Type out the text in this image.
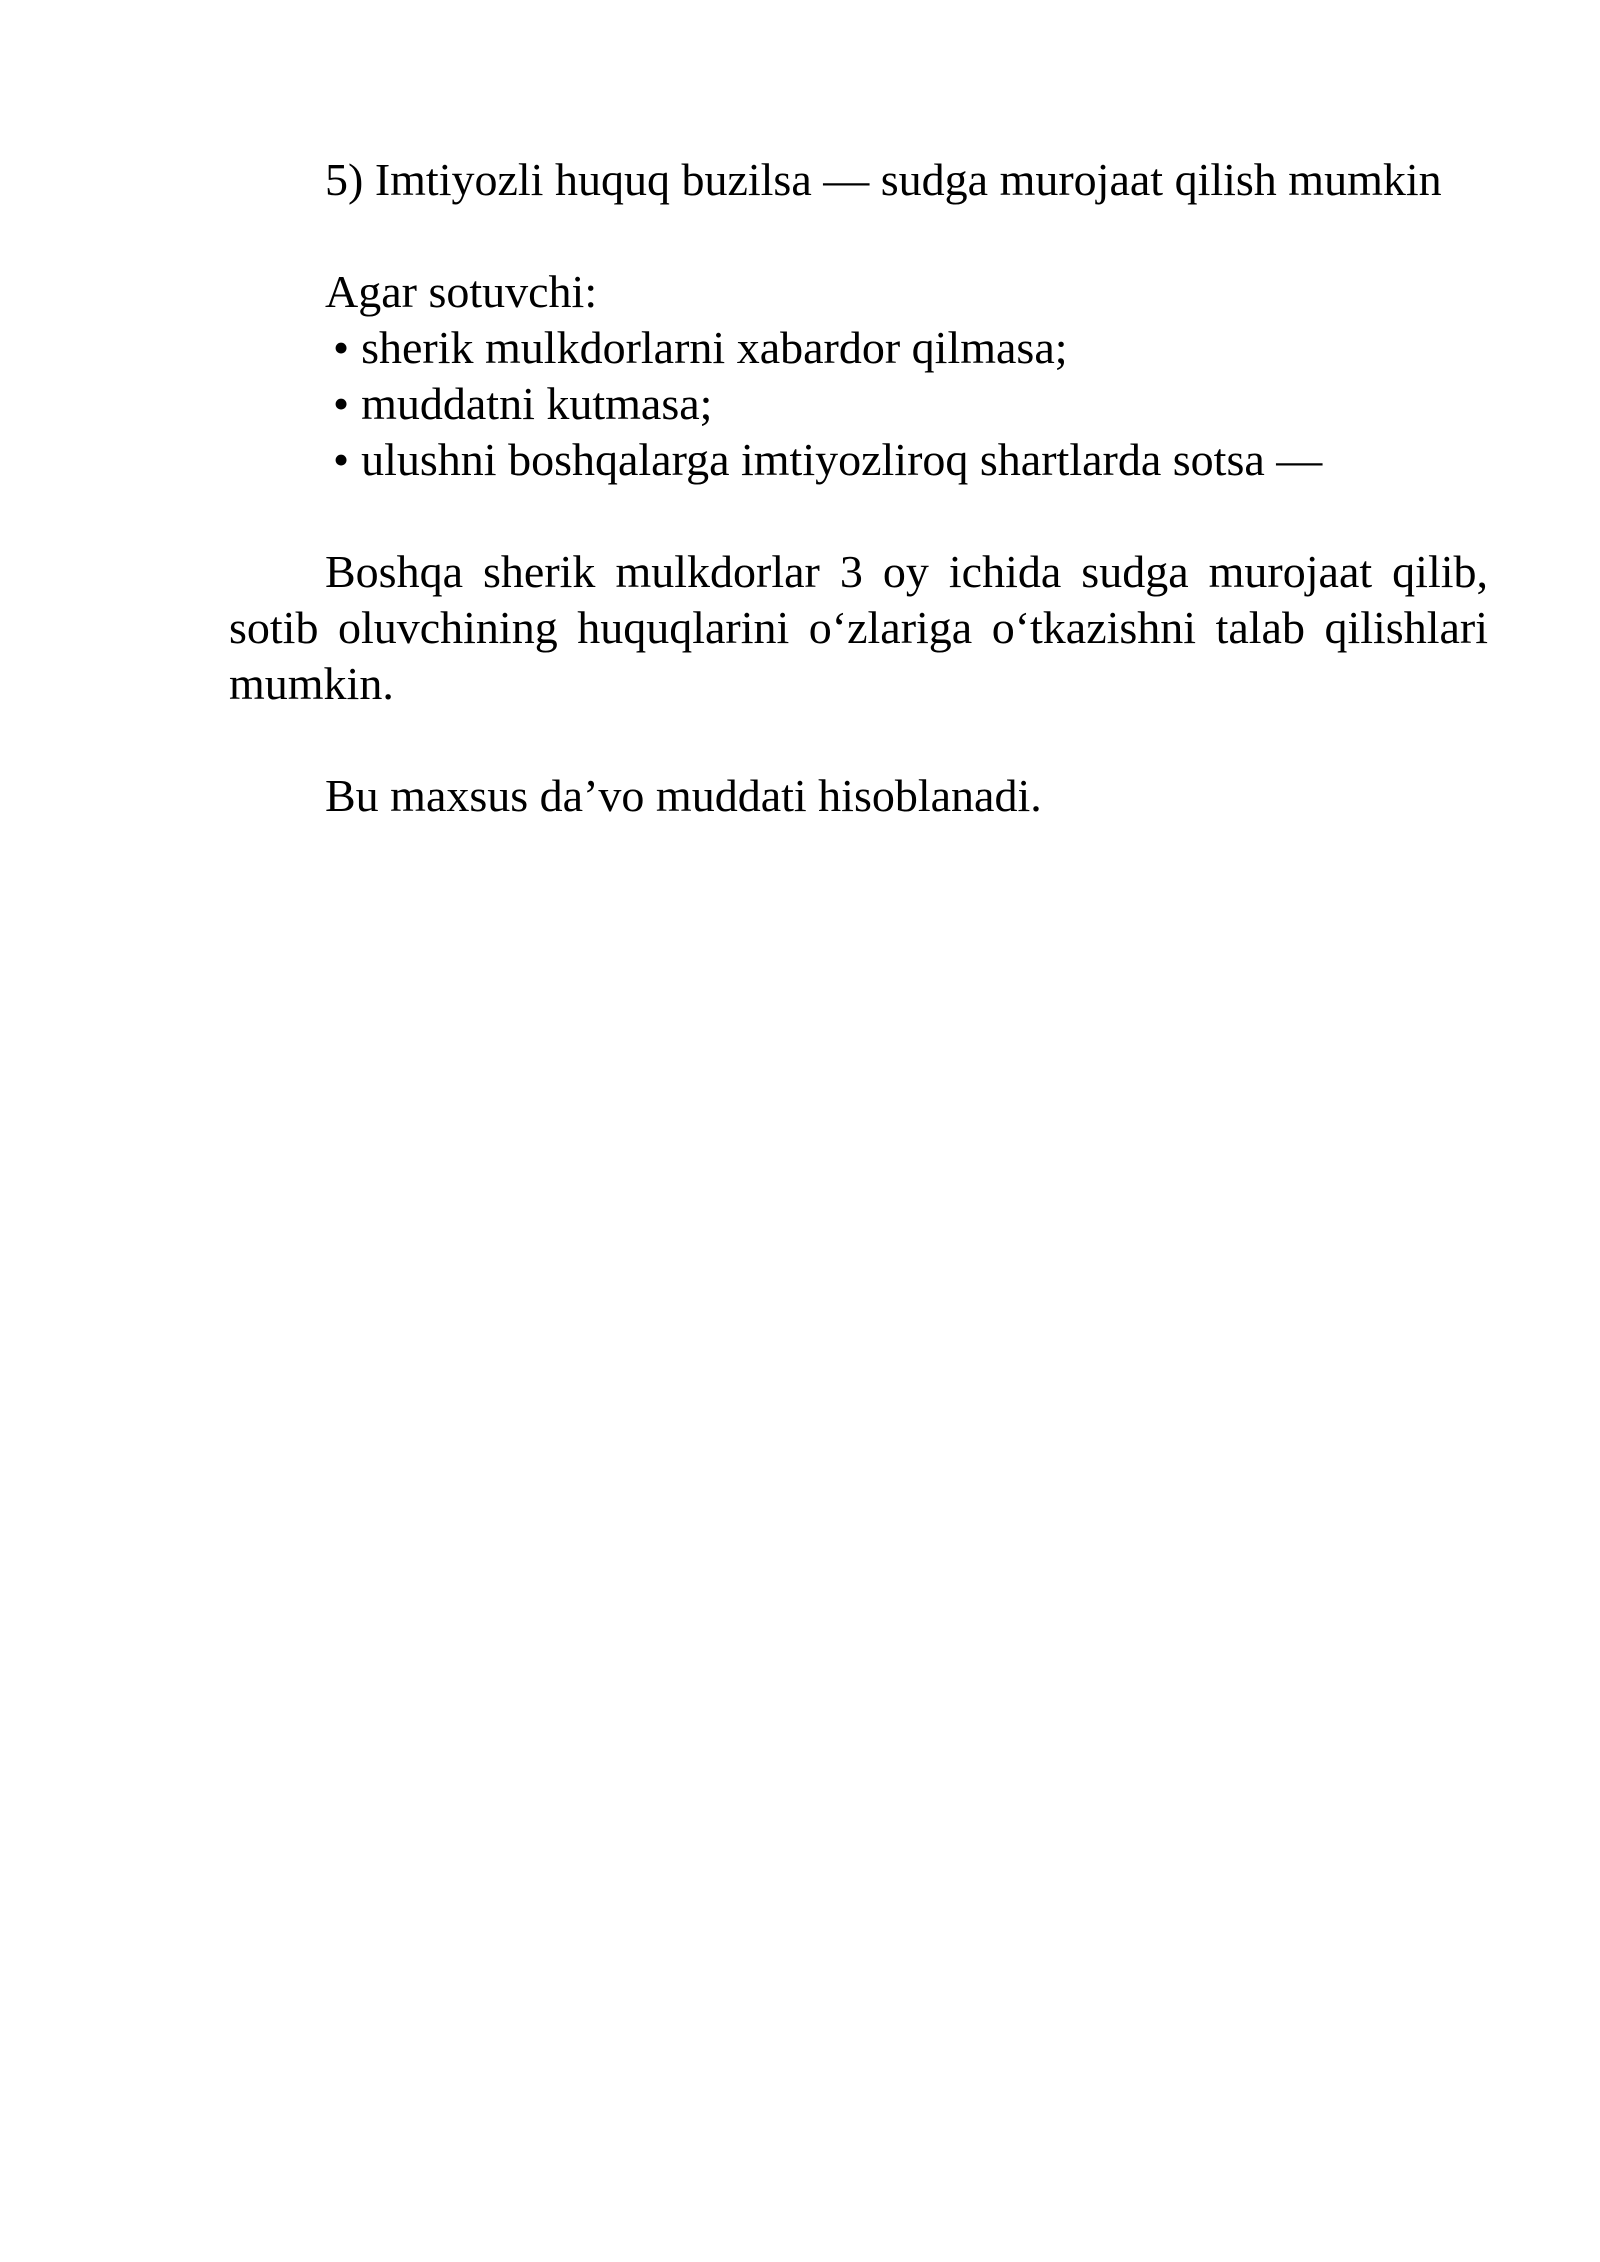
5) Imtiyozli huquq buzilsa — sudga murojaat qilish mumkin

Agar sotuvchi:

• sherik mulkdorlarni xabardor qilmasa;
• muddatni kutmasa;
• ulushni boshqalarga imtiyozliroq shartlarda sotsa —

Boshqa sherik mulkdorlar 3 oy ichida sudga murojaat qilib, sotib oluvchining huquqlarini o‘zlariga o‘tkazishni talab qilishlari mumkin.

Bu maxsus da’vo muddati hisoblanadi.
